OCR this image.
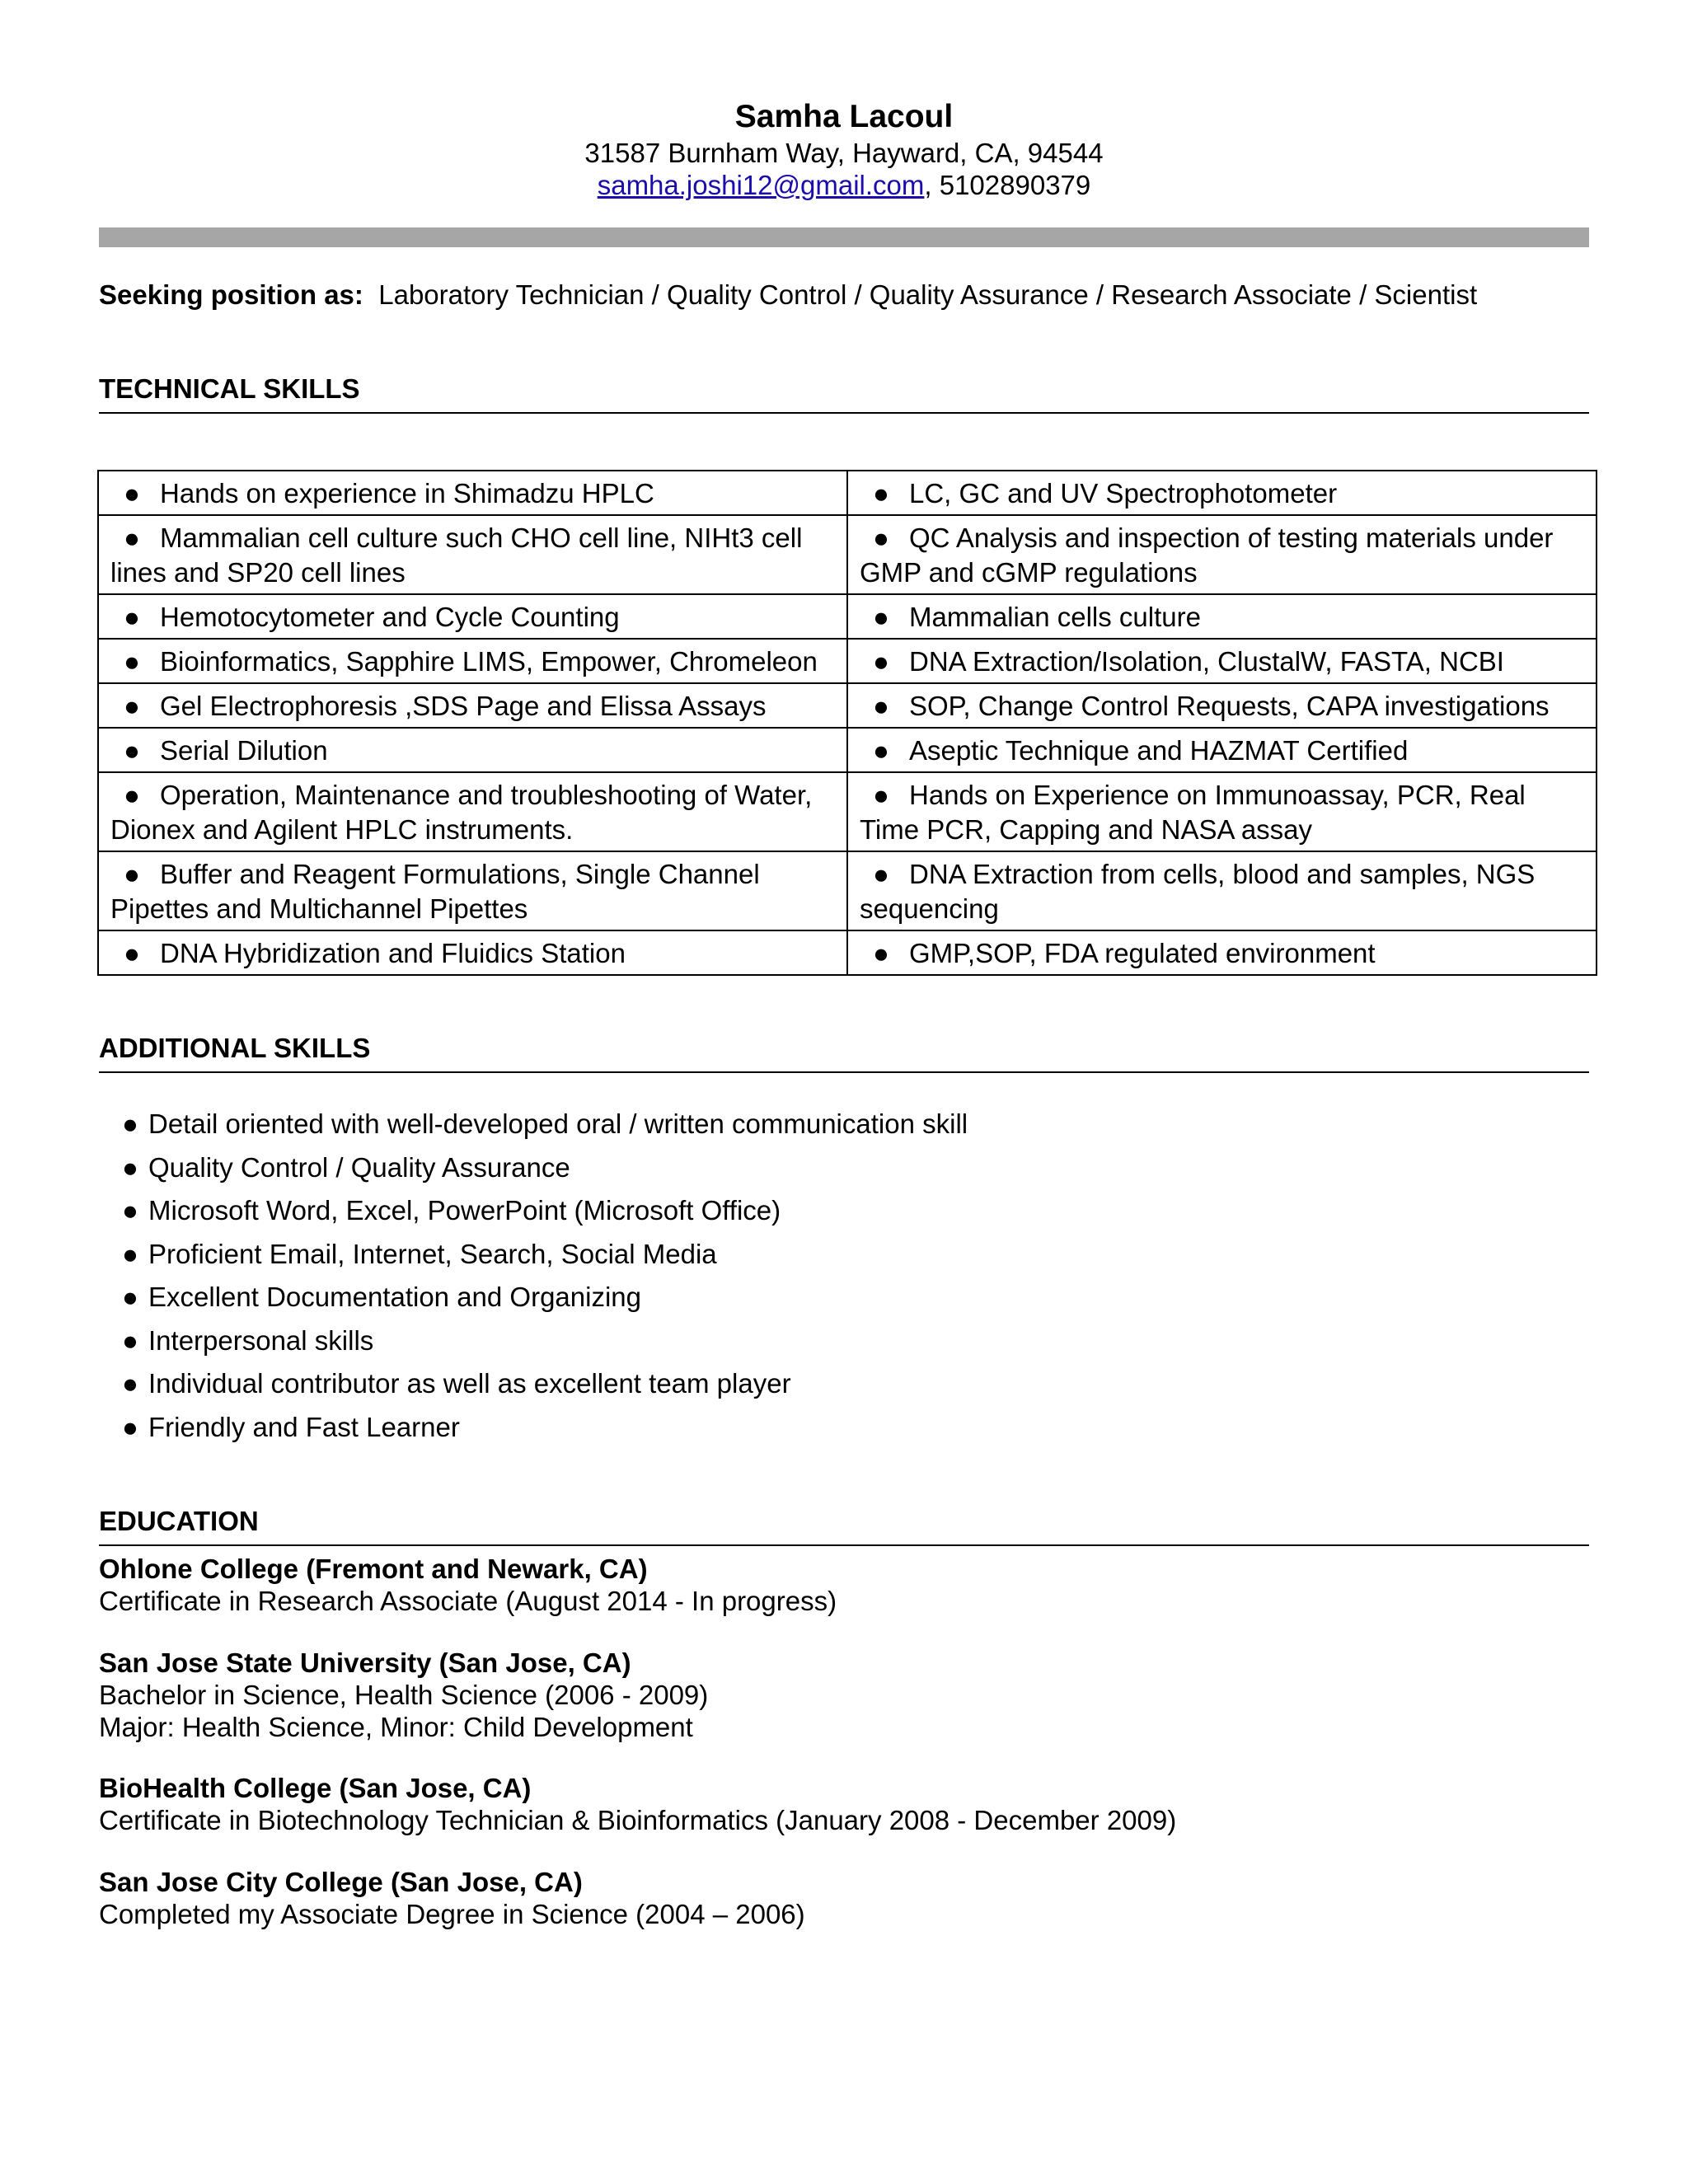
Samha Lacoul
31587 Burnham Way, Hayward, CA, 94544
samha.joshi12@gmail.com, 5102890379
Seeking position as: Laboratory Technician / Quality Control / Quality Assurance / Research Associate / Scientist
TECHNICAL SKILLS
● Hands on experience in Shimadzu HPLC	● LC, GC and UV Spectrophotometer

● Mammalian cell culture such CHO cell line, NIHt3 cell lines and SP20 cell lines	● QC Analysis and inspection of testing materials under GMP and cGMP regulations

● Hemotocytometer and Cycle Counting	● Mammalian cells culture

● Bioinformatics, Sapphire LIMS, Empower, Chromeleon	● DNA Extraction/Isolation, ClustalW, FASTA, NCBI

● Gel Electrophoresis ,SDS Page and Elissa Assays	● SOP, Change Control Requests, CAPA investigations

● Serial Dilution	● Aseptic Technique and HAZMAT Certified

● Operation, Maintenance and troubleshooting of Water, Dionex and Agilent HPLC instruments.	● Hands on Experience on Immunoassay, PCR, Real Time PCR, Capping and NASA assay

● Buffer and Reagent Formulations, Single Channel Pipettes and Multichannel Pipettes	● DNA Extraction from cells, blood and samples, NGS sequencing

● DNA Hybridization and Fluidics Station	● GMP,SOP, FDA regulated environment
ADDITIONAL SKILLS
● Detail oriented with well-developed oral / written communication skill
● Quality Control / Quality Assurance
● Microsoft Word, Excel, PowerPoint (Microsoft Office)
● Proficient Email, Internet, Search, Social Media
● Excellent Documentation and Organizing
● Interpersonal skills
● Individual contributor as well as excellent team player
● Friendly and Fast Learner
EDUCATION
Ohlone College (Fremont and Newark, CA)
Certificate in Research Associate (August 2014 - In progress)
San Jose State University (San Jose, CA)
Bachelor in Science, Health Science (2006 - 2009)
Major: Health Science, Minor: Child Development
BioHealth College (San Jose, CA)
Certificate in Biotechnology Technician & Bioinformatics (January 2008 - December 2009)
San Jose City College (San Jose, CA)
Completed my Associate Degree in Science (2004 – 2006)
